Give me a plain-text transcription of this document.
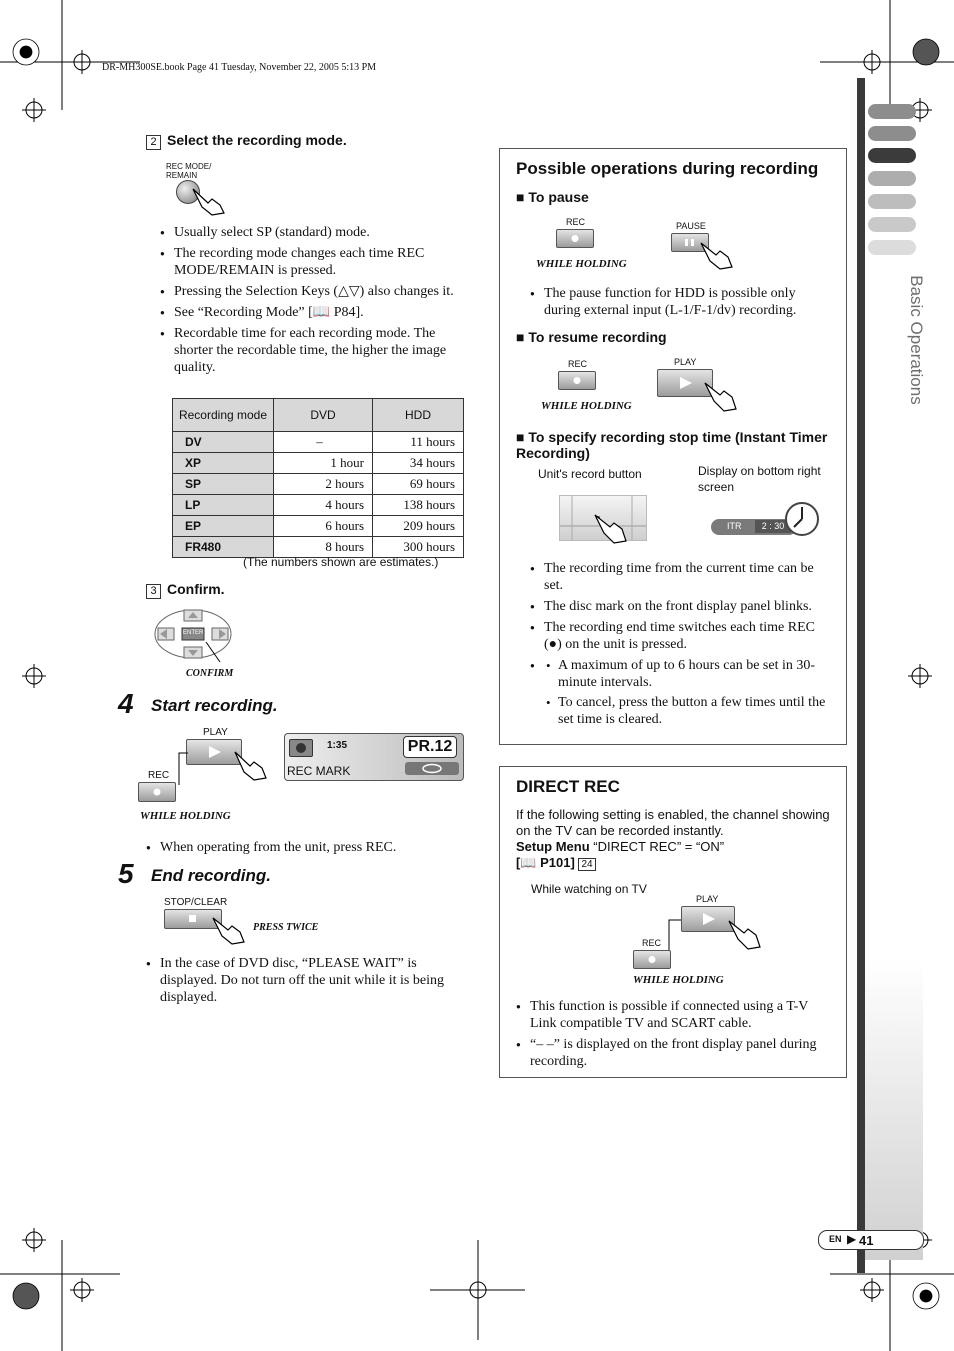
DR-MH300SE.book Page 41 Tuesday, November 22, 2005 5:13 PM
Basic Operations
2 Select the recording mode.
REC MODE/ REMAIN
● Usually select SP (standard) mode.
● The recording mode changes each time REC MODE/REMAIN is pressed.
● Pressing the Selection Keys (△▽) also changes it.
● See “Recording Mode” [📖 P84].
● Recordable time for each recording mode. The shorter the recordable time, the higher the image quality.
Recording mode	DVD	HDD
DV	–	11 hours
XP	1 hour	34 hours
SP	2 hours	69 hours
LP	4 hours	138 hours
EP	6 hours	209 hours
FR480	8 hours	300 hours
(The numbers shown are estimates.)
3 Confirm.
ENTER
CONFIRM
4 Start recording.
PLAY
REC
WHILE HOLDING
1:35	PR.12
REC MARK
● When operating from the unit, press REC.
5 End recording.
STOP/CLEAR
PRESS TWICE
● In the case of DVD disc, “PLEASE WAIT” is displayed. Do not turn off the unit while it is being displayed.
Possible operations during recording
■ To pause
REC
WHILE HOLDING
PAUSE
● The pause function for HDD is possible only during external input (L-1/F-1/dv) recording.
■ To resume recording
REC
WHILE HOLDING
PLAY
■ To specify recording stop time (Instant Timer Recording)
Unit's record button	Display on bottom right screen
ITR	2 : 30
● The recording time from the current time can be set.
● The disc mark on the front display panel blinks.
● The recording end time switches each time REC (●) on the unit is pressed.
• ● A maximum of up to 6 hours can be set in 30-minute intervals.
• To cancel, press the button a few times until the set time is cleared.
DIRECT REC
If the following setting is enabled, the channel showing on the TV can be recorded instantly.
Setup Menu “DIRECT REC” = “ON”
[📖 P101] 24
While watching on TV
PLAY
REC
WHILE HOLDING
● This function is possible if connected using a T-V Link compatible TV and SCART cable.
● “– –” is displayed on the front display panel during recording.
EN ▶ 41
